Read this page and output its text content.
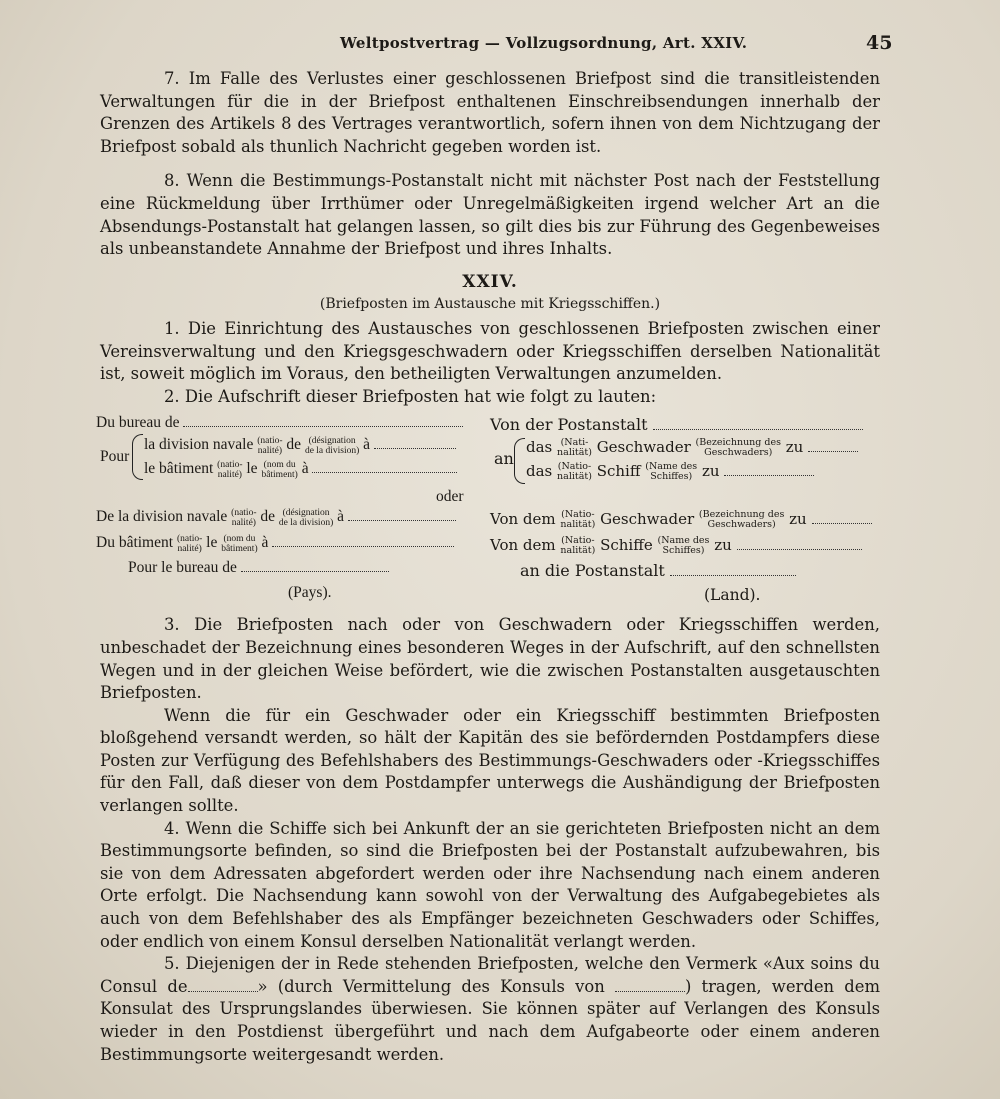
Weltpostvertrag — Vollzugsordnung, Art. XXIV.	45

7. Im Falle des Verlustes einer geschlossenen Briefpost sind die transitleistenden Verwaltungen für die in der Briefpost enthaltenen Einschreibsendungen innerhalb der Grenzen des Artikels 8 des Vertrages verantwortlich, sofern ihnen von dem Nichtzugang der Briefpost sobald als thunlich Nachricht gegeben worden ist.

8. Wenn die Bestimmungs-Postanstalt nicht mit nächster Post nach der Feststellung eine Rückmeldung über Irrthümer oder Unregelmäßigkeiten irgend welcher Art an die Absendungs-Postanstalt hat gelangen lassen, so gilt dies bis zur Führung des Gegenbeweises als unbeanstandete Annahme der Briefpost und ihres Inhalts.

XXIV.
(Briefposten im Austausche mit Kriegsschiffen.)

1. Die Einrichtung des Austausches von geschlossenen Briefposten zwischen einer Vereinsverwaltung und den Kriegsgeschwadern oder Kriegsschiffen derselben Nationalität ist, soweit möglich im Voraus, den betheiligten Verwaltungen anzumelden.

2. Die Aufschrift dieser Briefposten hat wie folgt zu lauten:

Du bureau de
Pour
la division navale (natio-
nalité) de (désignation
de la division) à
le bâtiment (natio-
nalité) le (nom du
bâtiment) à
oder
De la division navale (natio-
nalité) de (désignation
de la division) à
Du bâtiment (natio-
nalité) le (nom du
bâtiment) à
Pour le bureau de
(Pays).
Von der Postanstalt
an
das (Nati-
nalität) Geschwader (Bezeichnung des
Geschwaders) zu
das (Natio-
nalität) Schiff (Name des
Schiffes) zu
Von dem (Natio-
nalität) Geschwader (Bezeichnung des
Geschwaders) zu
Von dem (Natio-
nalität) Schiffe (Name des
Schiffes) zu
an die Postanstalt
(Land).

3. Die Briefposten nach oder von Geschwadern oder Kriegsschiffen werden, unbeschadet der Bezeichnung eines besonderen Weges in der Aufschrift, auf den schnellsten Wegen und in der gleichen Weise befördert, wie die zwischen Postanstalten ausgetauschten Briefposten.

Wenn die für ein Geschwader oder ein Kriegsschiff bestimmten Briefposten bloßgehend versandt werden, so hält der Kapitän des sie befördernden Postdampfers diese Posten zur Verfügung des Befehlshabers des Bestimmungs-Geschwaders oder -Kriegsschiffes für den Fall, daß dieser von dem Postdampfer unterwegs die Aushändigung der Briefposten verlangen sollte.

4. Wenn die Schiffe sich bei Ankunft der an sie gerichteten Briefposten nicht an dem Bestimmungsorte befinden, so sind die Briefposten bei der Postanstalt aufzubewahren, bis sie von dem Adressaten abgefordert werden oder ihre Nachsendung nach einem anderen Orte erfolgt. Die Nachsendung kann sowohl von der Verwaltung des Aufgabegebietes als auch von dem Befehlshaber des als Empfänger bezeichneten Geschwaders oder Schiffes, oder endlich von einem Konsul derselben Nationalität verlangt werden.

5. Diejenigen der in Rede stehenden Briefposten, welche den Vermerk «Aux soins du Consul de	» (durch Vermittelung des Konsuls von	) tragen, werden dem Konsulat des Ursprungslandes überwiesen. Sie können später auf Verlangen des Konsuls wieder in den Postdienst übergeführt und nach dem Aufgabeorte oder einem anderen Bestimmungsorte weitergesandt werden.
